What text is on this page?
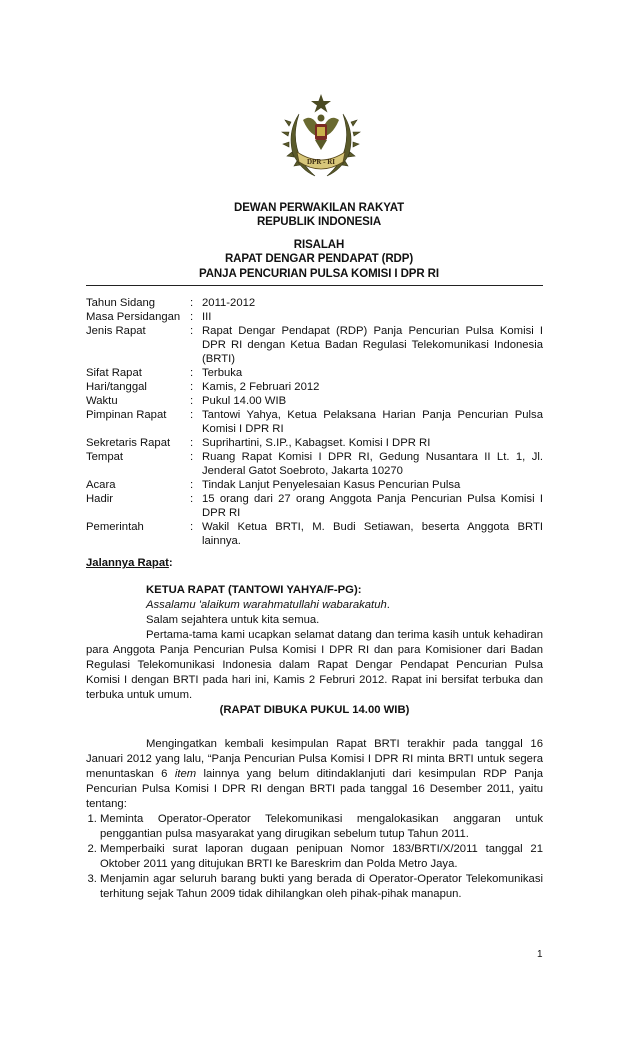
DPR - RI
DEWAN PERWAKILAN RAKYAT
REPUBLIK INDONESIA
RISALAH
RAPAT DENGAR PENDAPAT (RDP)
PANJA PENCURIAN PULSA KOMISI I DPR RI
Tahun Sidang	: 2011-2012
Masa Persidangan : III
Jenis Rapat	: Rapat Dengar Pendapat (RDP) Panja Pencurian Pulsa Komisi I DPR RI dengan Ketua Badan Regulasi Telekomunikasi Indonesia (BRTI)
Sifat Rapat	: Terbuka
Hari/tanggal	: Kamis, 2 Februari 2012
Waktu	: Pukul 14.00 WIB
Pimpinan Rapat	: Tantowi Yahya, Ketua Pelaksana Harian Panja Pencurian Pulsa Komisi I DPR RI
Sekretaris Rapat	: Suprihartini, S.IP., Kabagset. Komisi I DPR RI
Tempat	: Ruang Rapat Komisi I DPR RI, Gedung Nusantara II Lt. 1, Jl. Jenderal Gatot Soebroto, Jakarta 10270
Acara	: Tindak Lanjut Penyelesaian Kasus Pencurian Pulsa
Hadir	: 15 orang dari 27 orang Anggota Panja Pencurian Pulsa Komisi I DPR RI
Pemerintah	: Wakil Ketua BRTI, M. Budi Setiawan, beserta Anggota BRTI lainnya.
Jalannya Rapat:
KETUA RAPAT (TANTOWI YAHYA/F-PG):
Assalamu 'alaikum warahmatullahi wabarakatuh.
Salam sejahtera untuk kita semua.
Pertama-tama kami ucapkan selamat datang dan terima kasih untuk kehadiran para Anggota Panja Pencurian Pulsa Komisi I DPR RI dan para Komisioner dari Badan Regulasi Telekomunikasi Indonesia dalam Rapat Dengar Pendapat Pencurian Pulsa Komisi I dengan BRTI pada hari ini, Kamis 2 Februri 2012. Rapat ini bersifat terbuka dan terbuka untuk umum.
(RAPAT DIBUKA PUKUL 14.00 WIB)
Mengingatkan kembali kesimpulan Rapat BRTI terakhir pada tanggal 16 Januari 2012 yang lalu, “Panja Pencurian Pulsa Komisi I DPR RI minta BRTI untuk segera menuntaskan 6 item lainnya yang belum ditindaklanjuti dari kesimpulan RDP Panja Pencurian Pulsa Komisi I DPR RI dengan BRTI pada tanggal 16 Desember 2011, yaitu tentang:
1. Meminta Operator-Operator Telekomunikasi mengalokasikan anggaran untuk penggantian pulsa masyarakat yang dirugikan sebelum tutup Tahun 2011.
2. Memperbaiki surat laporan dugaan penipuan Nomor 183/BRTI/X/2011 tanggal 21 Oktober 2011 yang ditujukan BRTI ke Bareskrim dan Polda Metro Jaya.
3. Menjamin agar seluruh barang bukti yang berada di Operator-Operator Telekomunikasi terhitung sejak Tahun 2009 tidak dihilangkan oleh pihak-pihak manapun.
1
